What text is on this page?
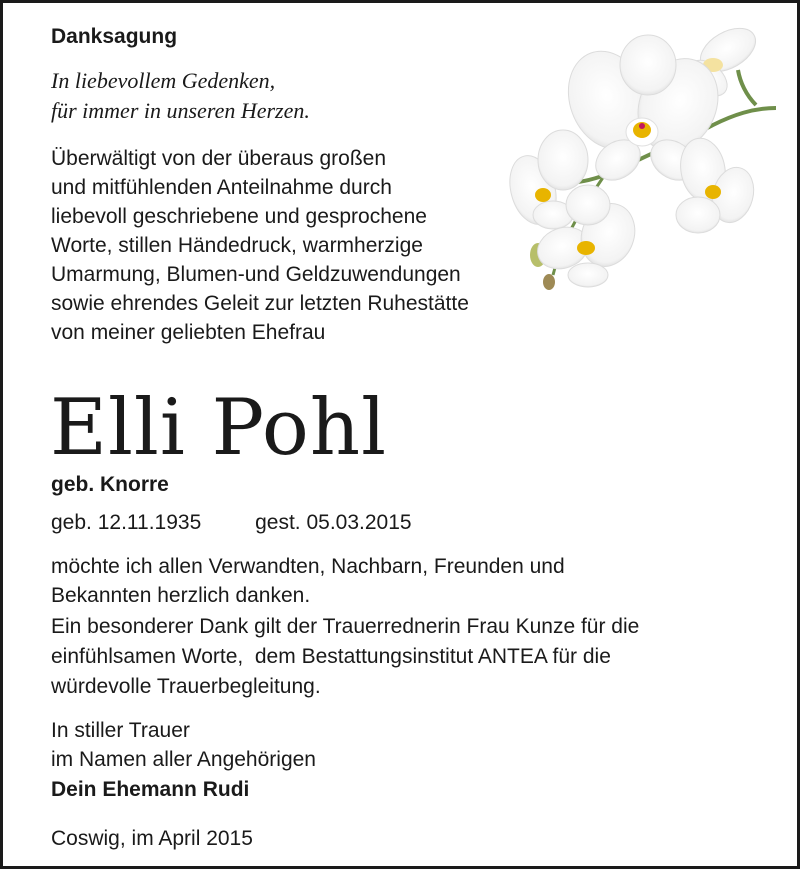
Danksagung
In liebevollem Gedenken,
für immer in unseren Herzen.
Überwältigt von der überaus großen
und mitfühlenden Anteilnahme durch
liebevoll geschriebene und gesprochene
Worte, stillen Händedruck, warmherzige
Umarmung, Blumen-und Geldzuwendungen
sowie ehrendes Geleit zur letzten Ruhestätte
von meiner geliebten Ehefrau
Elli Pohl
geb. Knorre
geb. 12.11.1935	gest. 05.03.2015
möchte ich allen Verwandten, Nachbarn, Freunden und
Bekannten herzlich danken.
Ein besonderer Dank gilt der Trauerrednerin Frau Kunze für die
einfühlsamen Worte,  dem Bestattungsinstitut ANTEA für die
würdevolle Trauerbegleitung.
In stiller Trauer
im Namen aller Angehörigen
Dein Ehemann Rudi
Coswig, im April 2015
